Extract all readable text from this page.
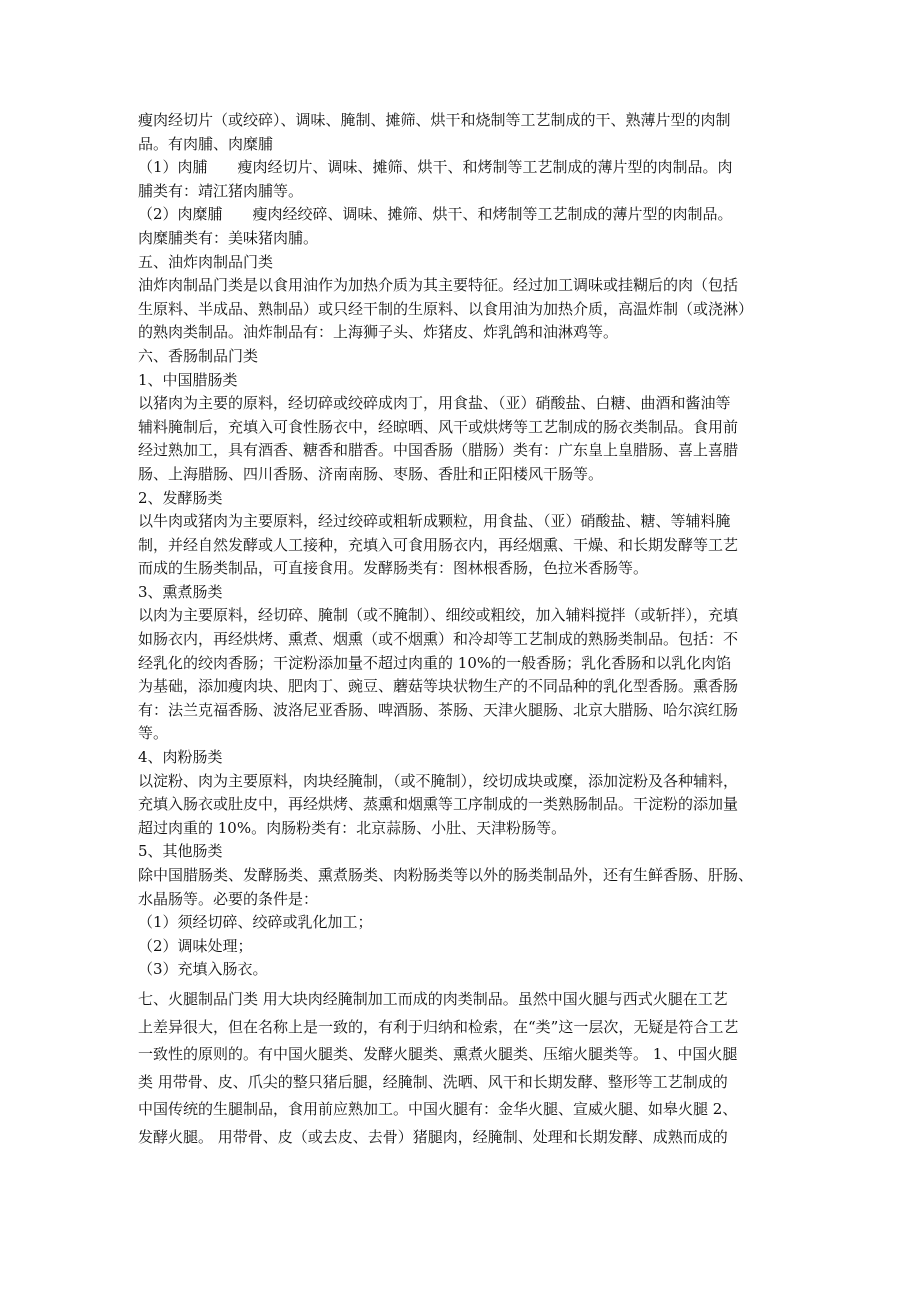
瘦肉经切片（或绞碎）、调味、腌制、摊筛、烘干和烧制等工艺制成的干、熟薄片型的肉制
品。有肉脯、肉糜脯
（1）肉脯　　瘦肉经切片、调味、摊筛、烘干、和烤制等工艺制成的薄片型的肉制品。肉
脯类有：靖江猪肉脯等。
（2）肉糜脯　　瘦肉经绞碎、调味、摊筛、烘干、和烤制等工艺制成的薄片型的肉制品。
肉糜脯类有：美味猪肉脯。
五、油炸肉制品门类
油炸肉制品门类是以食用油作为加热介质为其主要特征。经过加工调味或挂糊后的肉（包括
生原料、半成品、熟制品）或只经干制的生原料、以食用油为加热介质，高温炸制（或浇淋）
的熟肉类制品。油炸制品有：上海狮子头、炸猪皮、炸乳鸽和油淋鸡等。
六、香肠制品门类
1、中国腊肠类
以猪肉为主要的原料，经切碎或绞碎成肉丁，用食盐、（亚）硝酸盐、白糖、曲酒和酱油等
辅料腌制后，充填入可食性肠衣中，经晾晒、风干或烘烤等工艺制成的肠衣类制品。食用前
经过熟加工，具有酒香、糖香和腊香。中国香肠（腊肠）类有：广东皇上皇腊肠、喜上喜腊
肠、上海腊肠、四川香肠、济南南肠、枣肠、香肚和正阳楼风干肠等。
2、发酵肠类
以牛肉或猪肉为主要原料，经过绞碎或粗斩成颗粒，用食盐、（亚）硝酸盐、糖、等辅料腌
制，并经自然发酵或人工接种，充填入可食用肠衣内，再经烟熏、干燥、和长期发酵等工艺
而成的生肠类制品，可直接食用。发酵肠类有：图林根香肠，色拉米香肠等。
3、熏煮肠类
以肉为主要原料，经切碎、腌制（或不腌制）、细绞或粗绞，加入辅料搅拌（或斩拌），充填
如肠衣内，再经烘烤、熏煮、烟熏（或不烟熏）和冷却等工艺制成的熟肠类制品。包括：不
经乳化的绞肉香肠；干淀粉添加量不超过肉重的 10%的一般香肠；乳化香肠和以乳化肉馅
为基础，添加瘦肉块、肥肉丁、豌豆、蘑菇等块状物生产的不同品种的乳化型香肠。熏香肠
有：法兰克福香肠、波洛尼亚香肠、啤酒肠、茶肠、天津火腿肠、北京大腊肠、哈尔滨红肠
等。
4、肉粉肠类
以淀粉、肉为主要原料，肉块经腌制，（或不腌制），绞切成块或糜，添加淀粉及各种辅料，
充填入肠衣或肚皮中，再经烘烤、蒸熏和烟熏等工序制成的一类熟肠制品。干淀粉的添加量
超过肉重的 10%。肉肠粉类有：北京蒜肠、小肚、天津粉肠等。
5、其他肠类
除中国腊肠类、发酵肠类、熏煮肠类、肉粉肠类等以外的肠类制品外，还有生鲜香肠、肝肠、
水晶肠等。必要的条件是：
（1）须经切碎、绞碎或乳化加工；
（2）调味处理；
（3）充填入肠衣。
七、火腿制品门类 用大块肉经腌制加工而成的肉类制品。虽然中国火腿与西式火腿在工艺
上差异很大，但在名称上是一致的，有利于归纳和检索，在“类”这一层次，无疑是符合工艺
一致性的原则的。有中国火腿类、发酵火腿类、熏煮火腿类、压缩火腿类等。 1、中国火腿
类 用带骨、皮、爪尖的整只猪后腿，经腌制、洗晒、风干和长期发酵、整形等工艺制成的
中国传统的生腿制品，食用前应熟加工。中国火腿有：金华火腿、宣威火腿、如皋火腿 2、
发酵火腿。 用带骨、皮（或去皮、去骨）猪腿肉，经腌制、处理和长期发酵、成熟而成的
